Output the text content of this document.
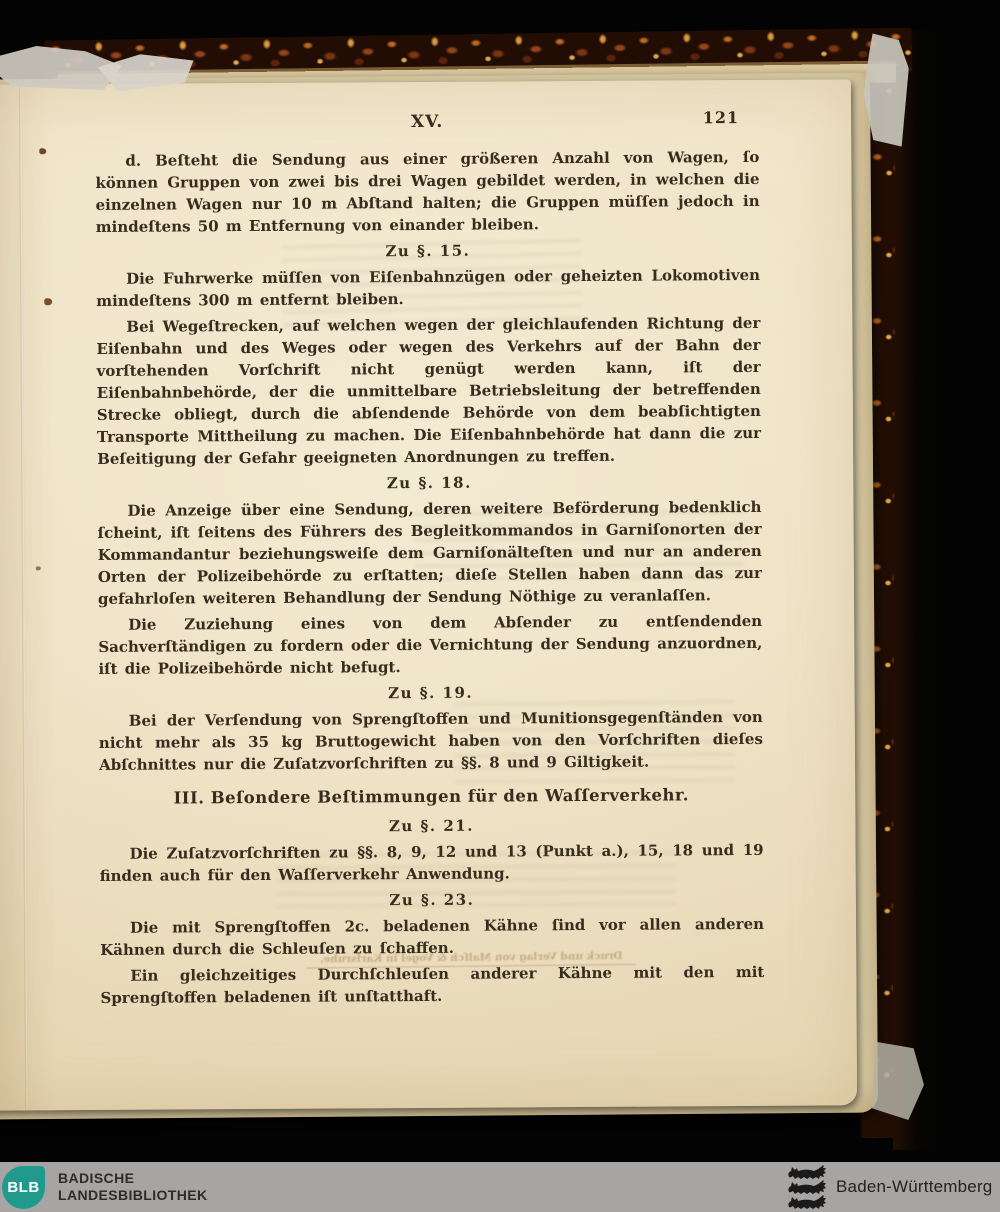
Druck und Verlag von Malſch & Vogel in Karlsruhe.
XV.	121

d. Beſteht die Sendung aus einer größeren Anzahl von Wagen, ſo können Gruppen von zwei bis drei Wagen gebildet werden, in welchen die einzelnen Wagen nur 10 m Abſtand halten; die Gruppen müſſen jedoch in mindeſtens 50 m Entfernung von einander bleiben.

Zu §. 15.

Die Fuhrwerke müſſen von Eiſenbahnzügen oder geheizten Lokomotiven mindeſtens 300 m entfernt bleiben.

Bei Wegeſtrecken, auf welchen wegen der gleichlaufenden Richtung der Eiſenbahn und des Weges oder wegen des Verkehrs auf der Bahn der vorſtehenden Vorſchrift nicht genügt werden kann, iſt der Eiſenbahnbehörde, der die unmittelbare Betriebsleitung der betreffenden Strecke obliegt, durch die abſendende Behörde von dem beabſichtigten Transporte Mittheilung zu machen. Die Eiſenbahnbehörde hat dann die zur Beſeitigung der Gefahr geeigneten Anordnungen zu treffen.

Zu §. 18.

Die Anzeige über eine Sendung, deren weitere Beförderung bedenklich ſcheint, iſt ſeitens des Führers des Begleitkommandos in Garniſonorten der Kommandantur beziehungsweiſe dem Garniſonälteſten und nur an anderen Orten der Polizeibehörde zu erſtatten; dieſe Stellen haben dann das zur gefahrloſen weiteren Behandlung der Sendung Nöthige zu veranlaſſen.

Die Zuziehung eines von dem Abſender zu entſendenden Sachverſtändigen zu fordern oder die Vernichtung der Sendung anzuordnen, iſt die Polizeibehörde nicht befugt.

Zu §. 19.

Bei der Verſendung von Sprengſtoffen und Munitionsgegenſtänden von nicht mehr als 35 kg Bruttogewicht haben von den Vorſchriften dieſes Abſchnittes nur die Zuſatzvorſchriften zu §§. 8 und 9 Giltigkeit.

III. Beſondere Beſtimmungen für den Waſſerverkehr.

Zu §. 21.

Die Zuſatzvorſchriften zu §§. 8, 9, 12 und 13 (Punkt a.), 15, 18 und 19 finden auch für den Waſſerverkehr Anwendung.

Zu §. 23.

Die mit Sprengſtoffen 2c. beladenen Kähne ſind vor allen anderen Kähnen durch die Schleuſen zu ſchaffen.

Ein gleichzeitiges Durchſchleuſen anderer Kähne mit den mit Sprengſtoffen beladenen iſt unſtatthaft.

BLB
BADISCHE
LANDESBIBLIOTHEK	Baden-Württemberg
